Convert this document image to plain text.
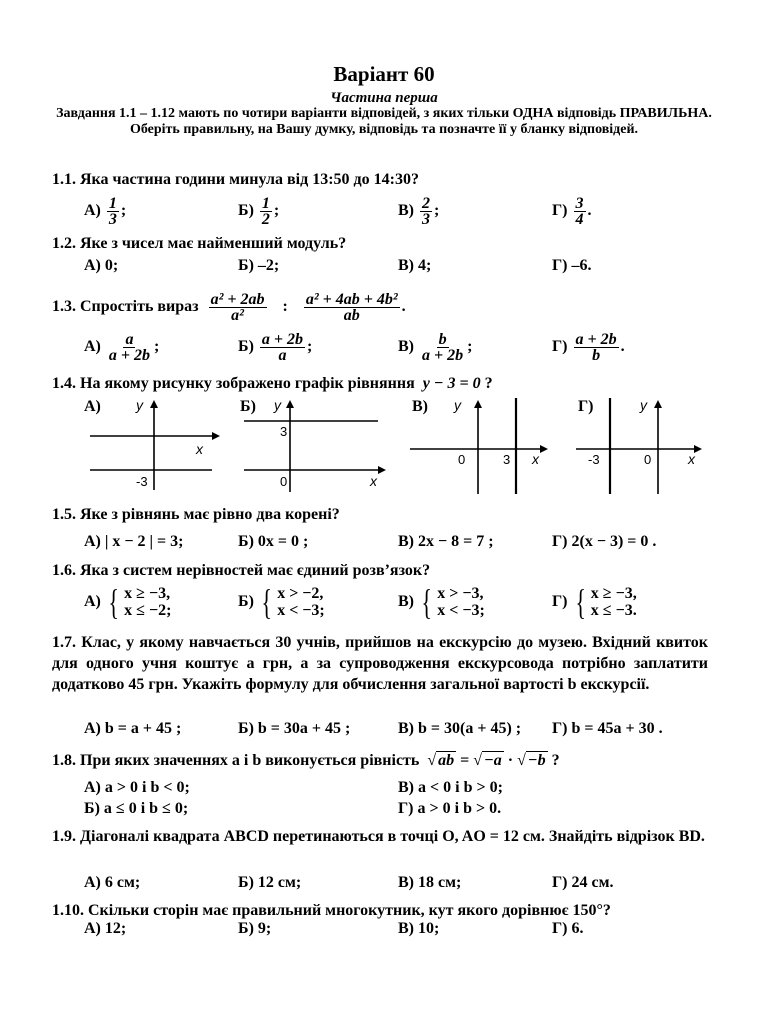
Варіант 60
Частина перша
Завдання 1.1 – 1.12 мають по чотири варіанти відповідей, з яких тільки ОДНА відповідь ПРАВИЛЬНА. Оберіть правильну, на Вашу думку, відповідь та позначте її у бланку відповідей.
1.1. Яка частина години минула від 13:50 до 14:30?
$А) \frac{1}{3}$ ;	$Б) \frac{1}{2}$ ;	$В) \frac{2}{3}$ ;	$Г) \frac{3}{4}$ .
1.2. Яке з чисел має найменший модуль?
А) 0;	Б) –2;	В) 4;	Г) –6.
1.3. Спростіть вираз $\frac{\text{a² + 2ab}}{\text{a²}}$ : $\frac{\text{a² + 4ab + 4b²}}{ab}$ .
$А) \frac{a}{a + 2b}$ ;	$Б) \frac{a + 2b}{a}$ ;	$В) \frac{b}{a + 2b}$ ;	$Г) \frac{a + 2b}{b}$ .
1.4. На якому рисунку зображено графік рівняння y − 3 = 0 ?
А)	y
x
-3
Б) y
x
3
0
В) y
x
0	3
Г)	y
x
-3	0
1.5. Яке з рівнянь має рівно два корені?
А) | x − 2 | = 3;	Б) 0x = 0 ;	В) 2x − 8 = 7 ;	Г) 2(x − 3) = 0 .
1.6. Яка з систем нерівностей має єдиний розв’язок?
А) { x ≥ −3,
x ≤ −2;
Б) { x > −2,
x < −3;
В) { x > −3,
x < −3;
Г) { x ≥ −3,
x ≤ −3.
1.7. Клас, у якому навчається 30 учнів, прийшов на екскурсію до музею. Вхідний квиток для одного учня коштує a грн, а за супроводження екскурсовода потрібно заплатити додатково 45 грн. Укажіть формулу для обчислення загальної вартості b екскурсії.
А) b = a + 45 ;	Б) b = 30a + 45 ;	В) b = 30(a + 45) ; Г) b = 45a + 30 .
1.8. При яких значеннях a і b виконується рівність √ ab = √ −a · √ −b ?
А) a > 0 і b < 0;
Б) a ≤ 0 і b ≤ 0;
В) a < 0 і b > 0;
Г) a > 0 і b > 0.
1.9. Діагоналі квадрата ABCD перетинаються в точці O, AO = 12 см. Знайдіть відрізок BD.
А) 6 см;	Б) 12 см;	В) 18 см;	Г) 24 см.
1.10. Скільки сторін має правильний многокутник, кут якого дорівнює 150°?
А) 12;	Б) 9;	В) 10;	Г) 6.
